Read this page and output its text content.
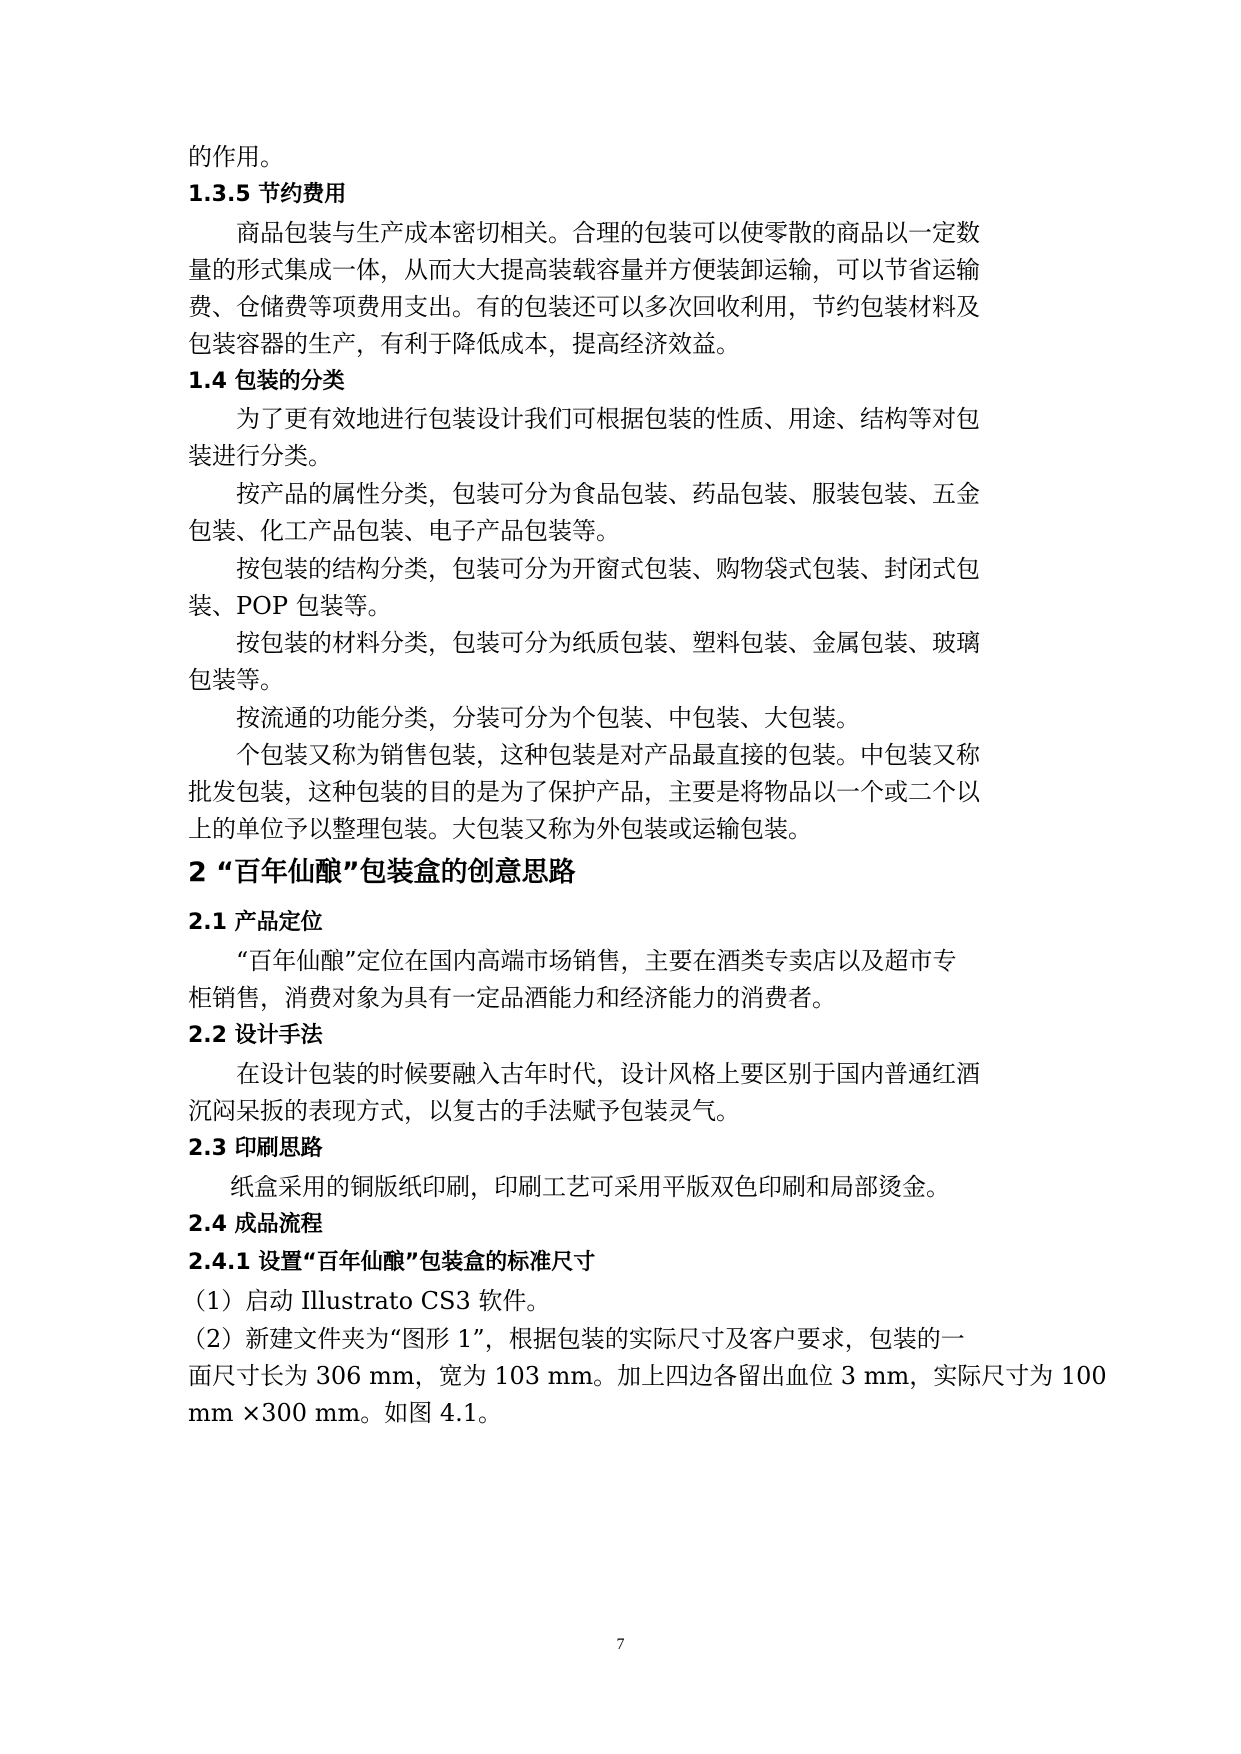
的作用。
1.3.5 节约费用
商品包装与生产成本密切相关。合理的包装可以使零散的商品以一定数
量的形式集成一体，从而大大提高装载容量并方便装卸运输，可以节省运输
费、仓储费等项费用支出。有的包装还可以多次回收利用，节约包装材料及
包装容器的生产，有利于降低成本，提高经济效益。
1.4 包装的分类
为了更有效地进行包装设计我们可根据包装的性质、用途、结构等对包
装进行分类。
按产品的属性分类，包装可分为食品包装、药品包装、服装包装、五金
包装、化工产品包装、电子产品包装等。
按包装的结构分类，包装可分为开窗式包装、购物袋式包装、封闭式包
装、POP 包装等。
按包装的材料分类，包装可分为纸质包装、塑料包装、金属包装、玻璃
包装等。
按流通的功能分类，分装可分为个包装、中包装、大包装。
个包装又称为销售包装，这种包装是对产品最直接的包装。中包装又称
批发包装，这种包装的目的是为了保护产品，主要是将物品以一个或二个以
上的单位予以整理包装。大包装又称为外包装或运输包装。
2 “百年仙酿”包装盒的创意思路
2.1 产品定位
“百年仙酿”定位在国内高端市场销售，主要在酒类专卖店以及超市专
柜销售，消费对象为具有一定品酒能力和经济能力的消费者。
2.2 设计手法
在设计包装的时候要融入古年时代，设计风格上要区别于国内普通红酒
沉闷呆扳的表现方式，以复古的手法赋予包装灵气。
2.3 印刷思路
纸盒采用的铜版纸印刷，印刷工艺可采用平版双色印刷和局部烫金。
2.4 成品流程
2.4.1 设置“百年仙酿”包装盒的标准尺寸
（1）启动 Illustrato CS3 软件。
（2）新建文件夹为“图形 1”，根据包装的实际尺寸及客户要求，包装的一
面尺寸长为 306 mm，宽为 103 mm。加上四边各留出血位 3 mm，实际尺寸为 100
mm ×300 mm。如图 4.1。
7
